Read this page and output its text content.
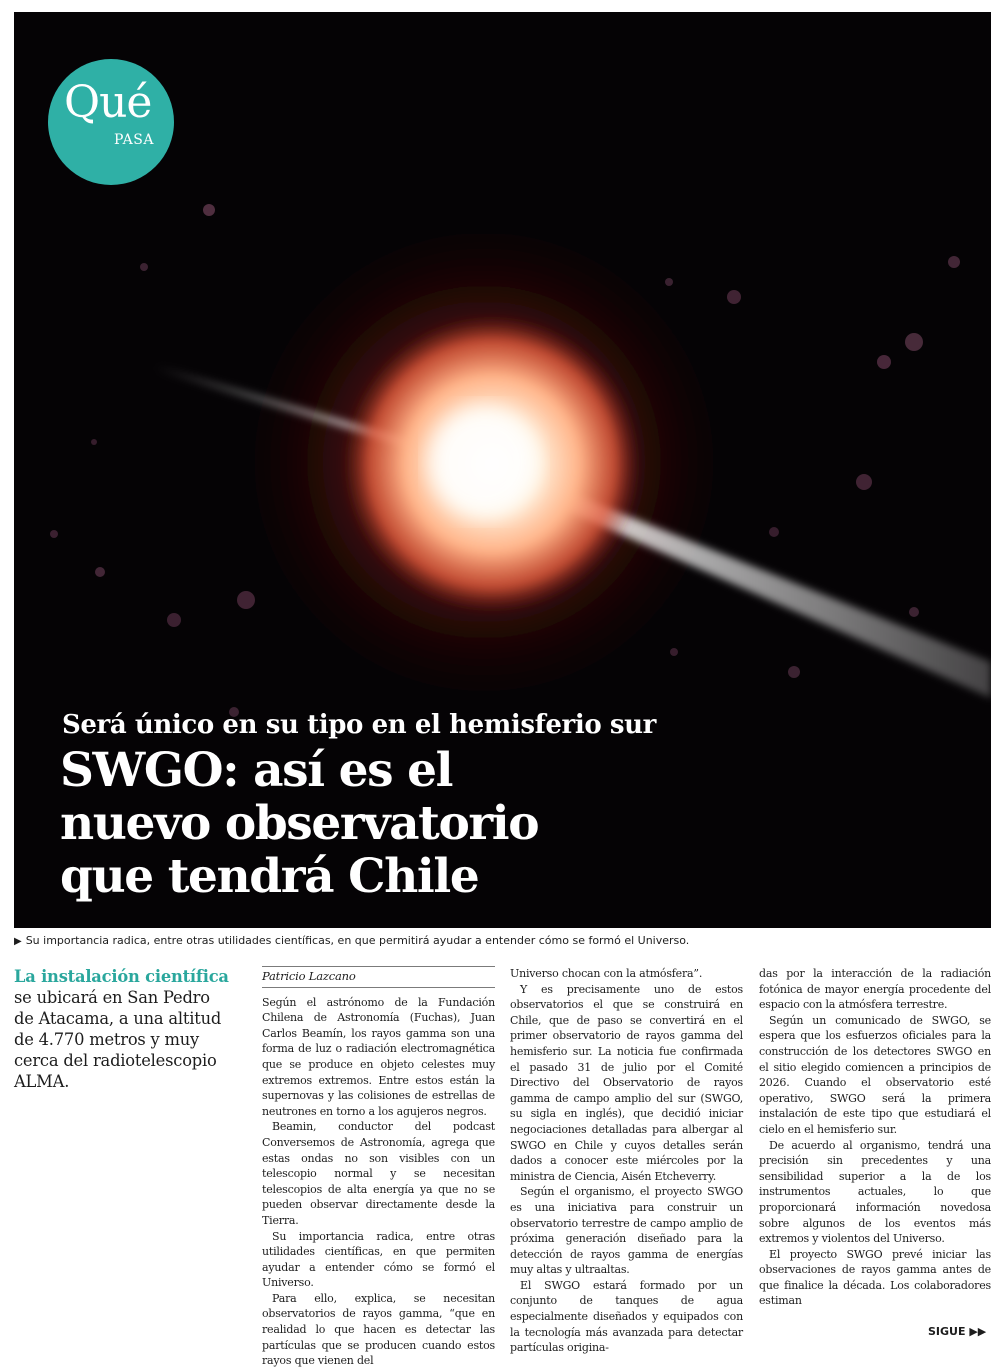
Qué
PASA
Será único en su tipo en el hemisferio sur
SWGO: así es el
nuevo observatorio
que tendrá Chile
▶ Su importancia radica, entre otras utilidades científicas, en que permitirá ayudar a entender cómo se formó el Universo.
La instalación científica se ubicará en San Pedro de Atacama, a una altitud de 4.770 metros y muy cerca del radiotelescopio ALMA.
Patricio Lazcano

Según el astrónomo de la Fundación Chilena de Astronomía (Fuchas), Juan Carlos Beamín, los rayos gamma son una forma de luz o radiación electromagnética que se produce en objeto celestes muy extremos extremos. Entre estos están la supernovas y las colisiones de estrellas de neutrones en torno a los agujeros negros.

Beamin, conductor del podcast Conversemos de Astronomía, agrega que estas ondas no son visibles con un telescopio normal y se necesitan telescopios de alta energía ya que no se pueden observar directamente desde la Tierra.

Su importancia radica, entre otras utilidades científicas, en que permiten ayudar a entender cómo se formó el Universo.

Para ello, explica, se necesitan observatorios de rayos gamma, “que en realidad lo que hacen es detectar las partículas que se producen cuando estos rayos que vienen del

Universo chocan con la atmósfera”.

Y es precisamente uno de estos observatorios el que se construirá en Chile, que de paso se convertirá en el primer observatorio de rayos gamma del hemisferio sur. La noticia fue confirmada el pasado 31 de julio por el Comité Directivo del Observatorio de rayos gamma de campo amplio del sur (SWGO, su sigla en inglés), que decidió iniciar negociaciones detalladas para albergar al SWGO en Chile y cuyos detalles serán dados a conocer este miércoles por la ministra de Ciencia, Aisén Etcheverry.

Según el organismo, el proyecto SWGO es una iniciativa para construir un observatorio terrestre de campo amplio de próxima generación diseñado para la detección de rayos gamma de energías muy altas y ultraaltas.

El SWGO estará formado por un conjunto de tanques de agua especialmente diseñados y equipados con la tecnología más avanzada para detectar partículas origina-

das por la interacción de la radiación fotónica de mayor energía procedente del espacio con la atmósfera terrestre.

Según un comunicado de SWGO, se espera que los esfuerzos oficiales para la construcción de los detectores SWGO en el sitio elegido comiencen a principios de 2026. Cuando el observatorio esté operativo, SWGO será la primera instalación de este tipo que estudiará el cielo en el hemisferio sur.

De acuerdo al organismo, tendrá una precisión sin precedentes y una sensibilidad superior a la de los instrumentos actuales, lo que proporcionará información novedosa sobre algunos de los eventos más extremos y violentos del Universo.

El proyecto SWGO prevé iniciar las observaciones de rayos gamma antes de que finalice la década. Los colaboradores estiman

SIGUE ▶▶
